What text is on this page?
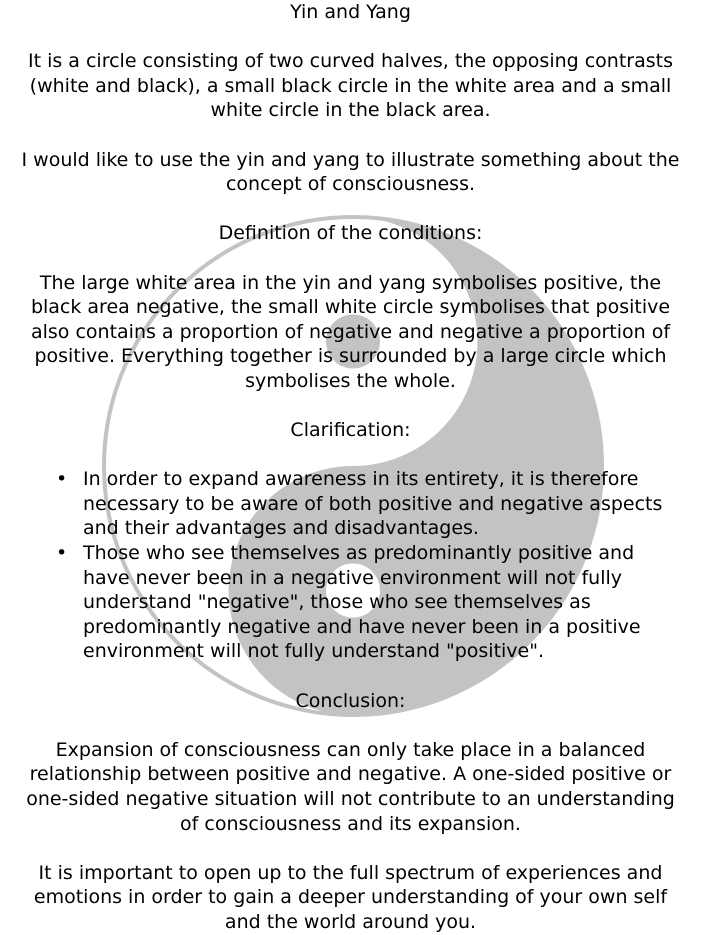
Yin and Yang

It is a circle consisting of two curved halves, the opposing contrasts (white and black), a small black circle in the white area and a small white circle in the black area.

I would like to use the yin and yang to illustrate something about the concept of consciousness.

Definition of the conditions:

The large white area in the yin and yang symbolises positive, the black area negative, the small white circle symbolises that positive also contains a proportion of negative and negative a proportion of positive. Everything together is surrounded by a large circle which symbolises the whole.

Clarification:

• In order to expand awareness in its entirety, it is therefore necessary to be aware of both positive and negative aspects and their advantages and disadvantages.
• Those who see themselves as predominantly positive and have never been in a negative environment will not fully understand "negative", those who see themselves as predominantly negative and have never been in a positive environment will not fully understand "positive".

Conclusion:

Expansion of consciousness can only take place in a balanced relationship between positive and negative. A one-sided positive or one-sided negative situation will not contribute to an understanding of consciousness and its expansion.

It is important to open up to the full spectrum of experiences and emotions in order to gain a deeper understanding of your own self and the world around you.
